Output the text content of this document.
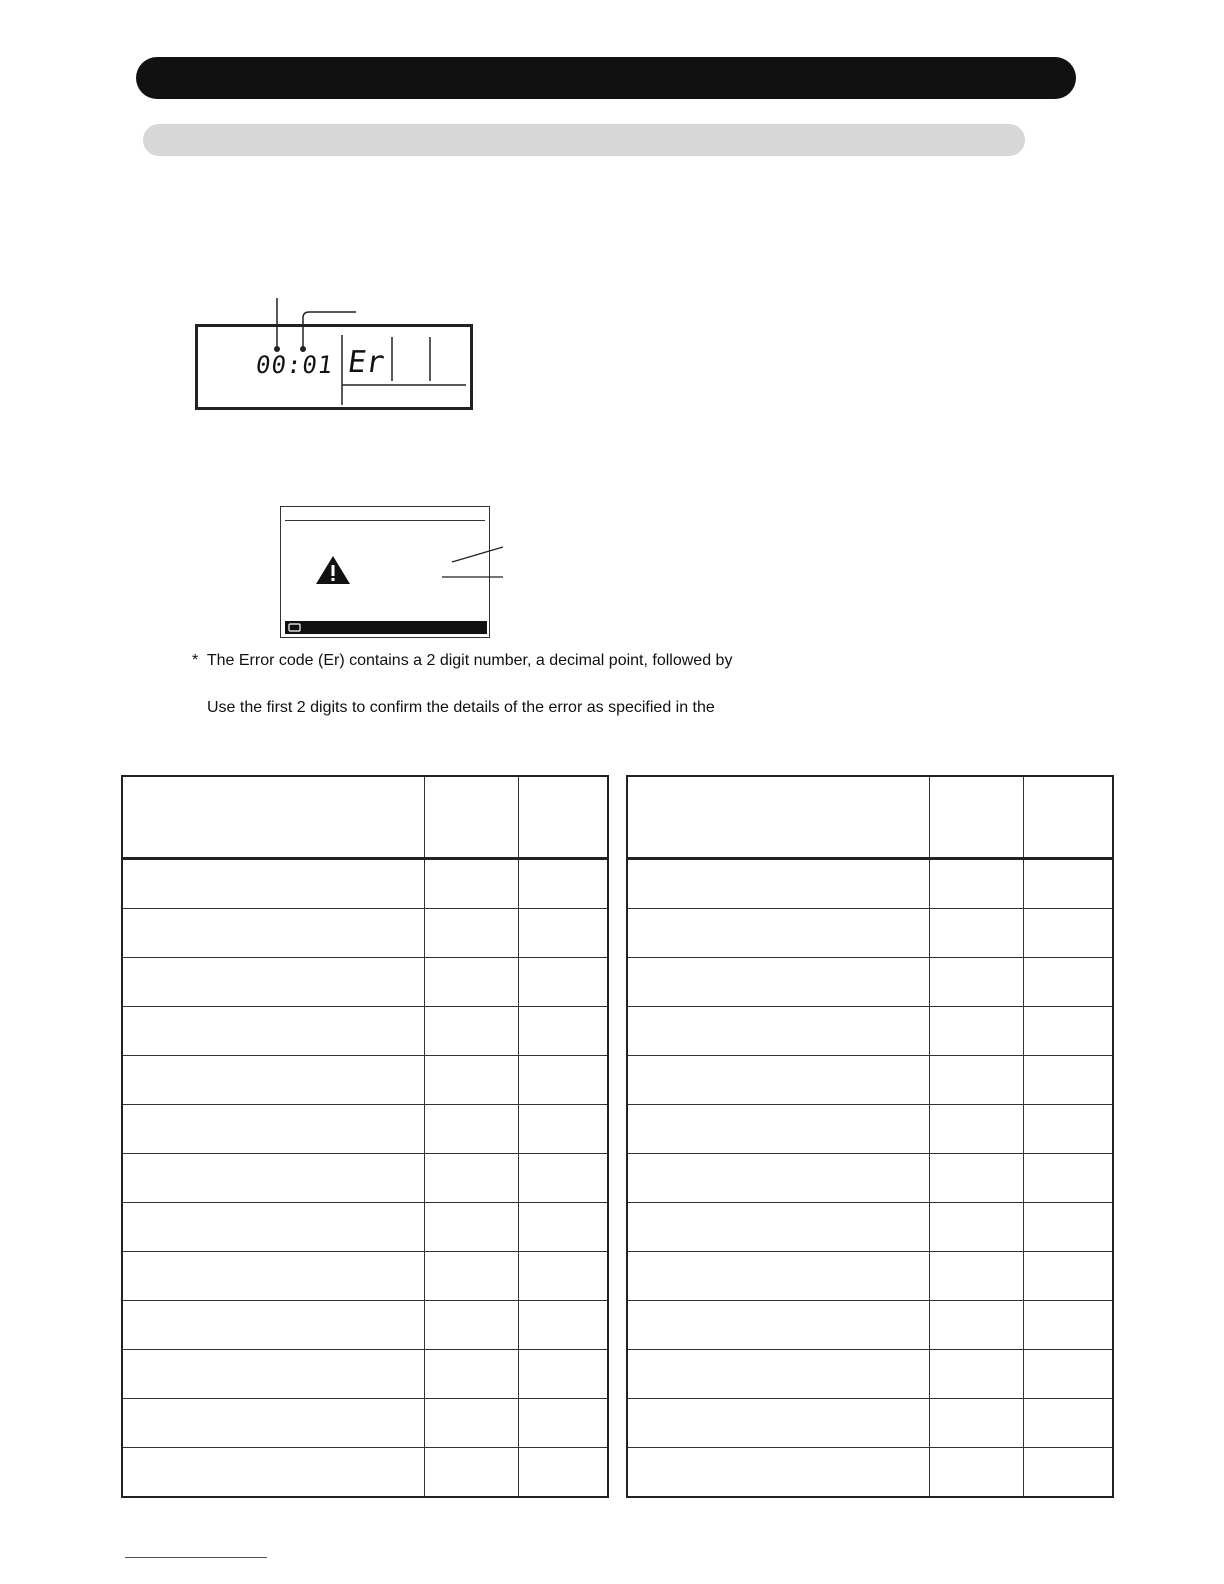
00:01 Er
* The Error code (Er) contains a 2 digit number, a decimal point, followed by
Use the first 2 digits to confirm the details of the error as specified in the
